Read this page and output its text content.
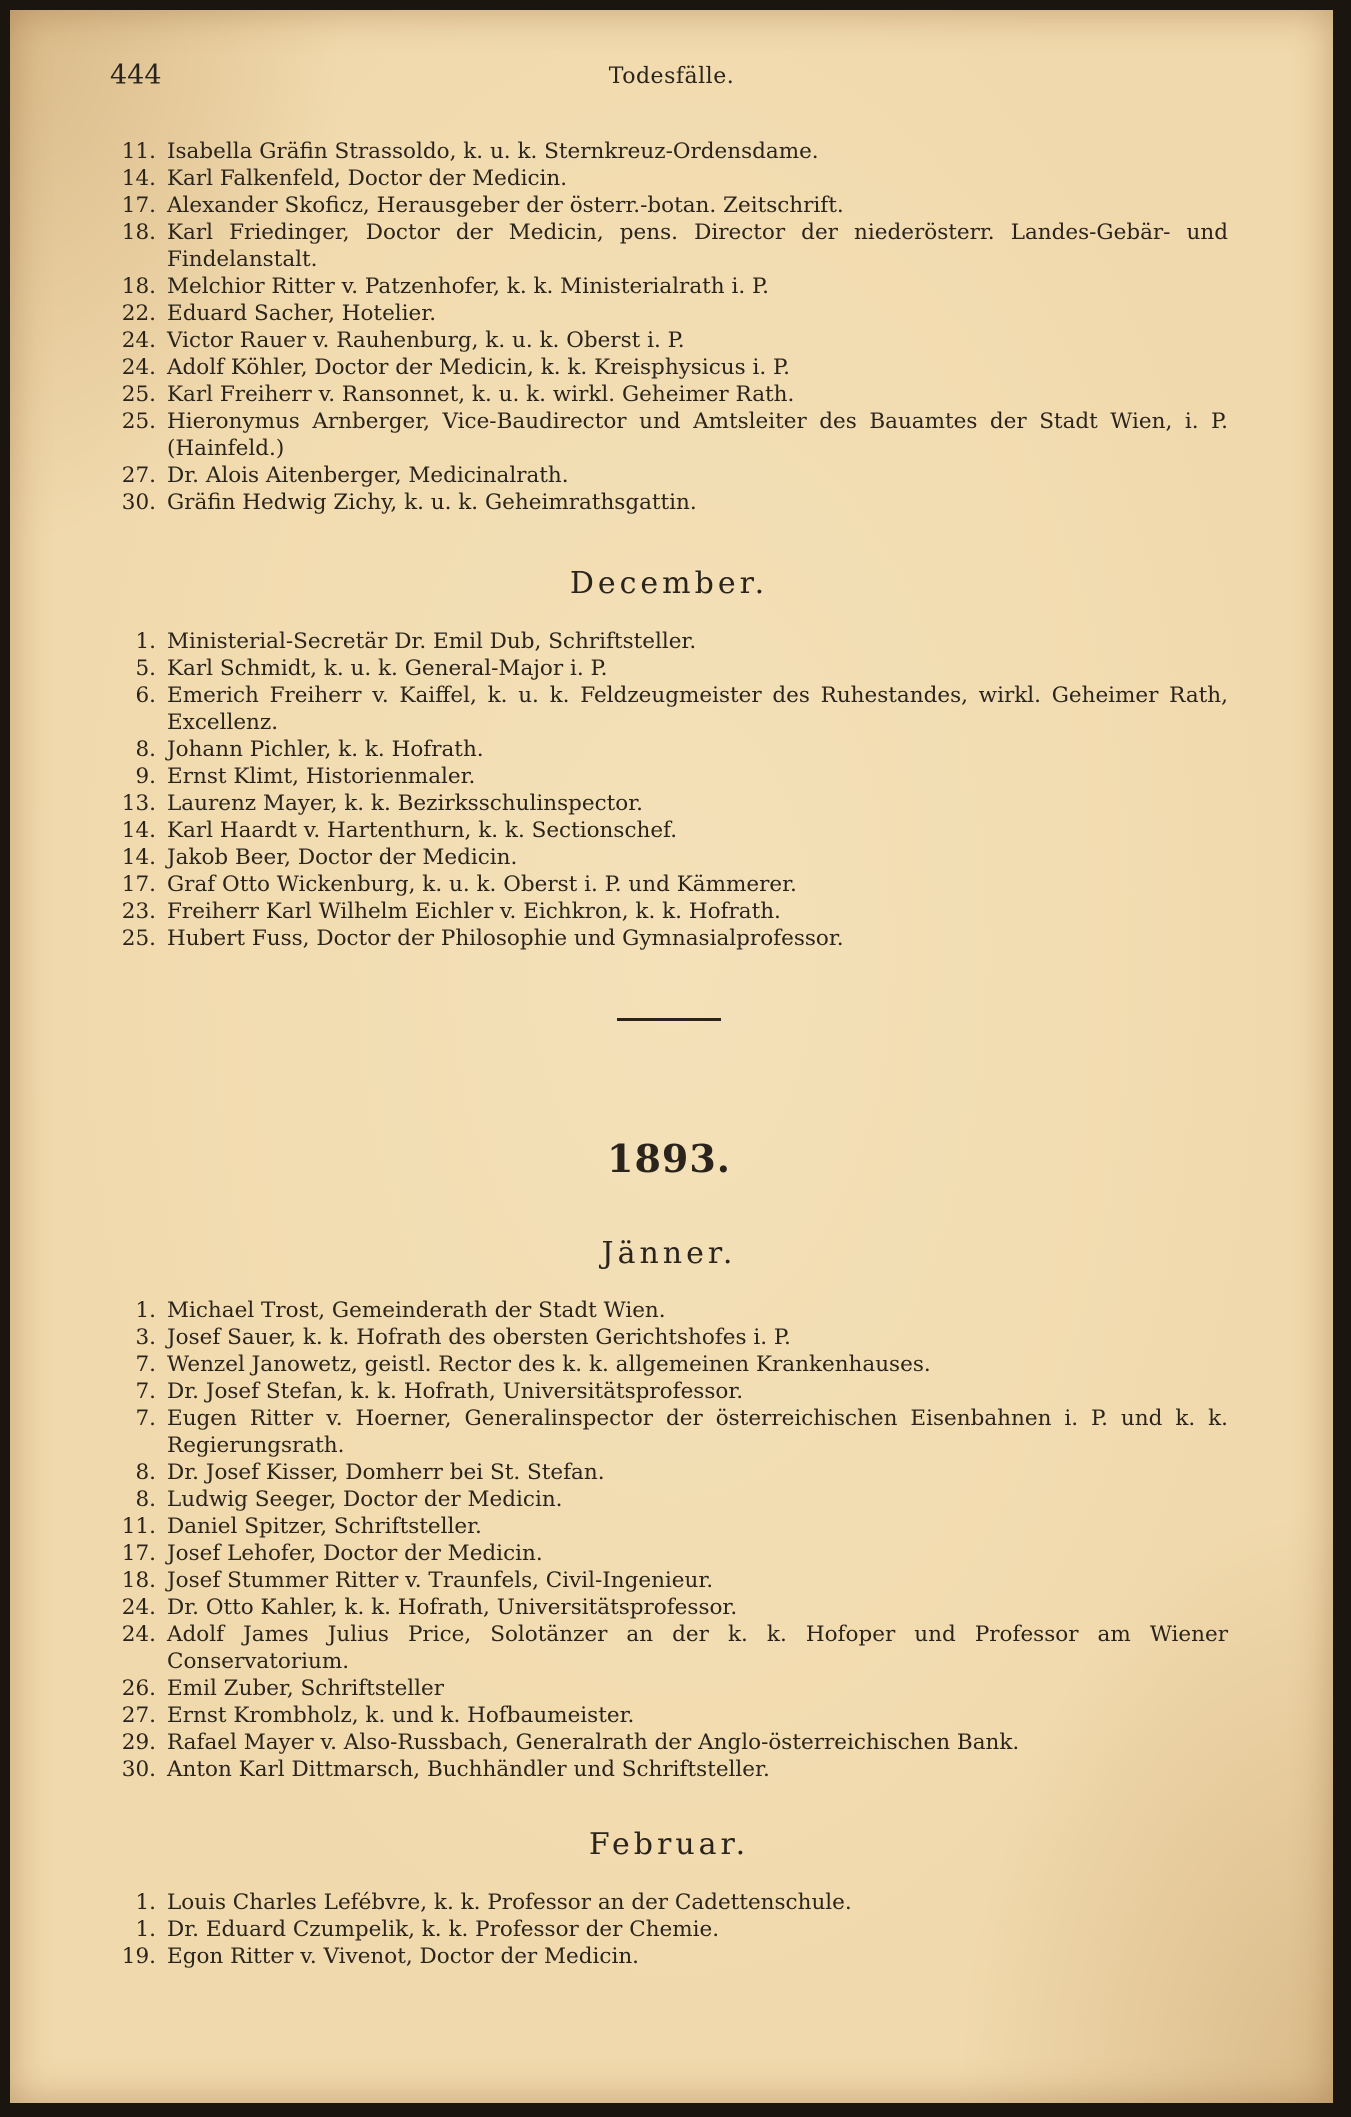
444	Todesfälle.
11. Isabella Gräfin Strassoldo, k. u. k. Sternkreuz-Ordensdame.
14. Karl Falkenfeld, Doctor der Medicin.
17. Alexander Skoficz, Herausgeber der österr.-botan. Zeitschrift.
18. Karl Friedinger, Doctor der Medicin, pens. Director der niederösterr. Landes-Gebär- und Findelanstalt.
18. Melchior Ritter v. Patzenhofer, k. k. Ministerialrath i. P.
22. Eduard Sacher, Hotelier.
24. Victor Rauer v. Rauhenburg, k. u. k. Oberst i. P.
24. Adolf Köhler, Doctor der Medicin, k. k. Kreisphysicus i. P.
25. Karl Freiherr v. Ransonnet, k. u. k. wirkl. Geheimer Rath.
25. Hieronymus Arnberger, Vice-Baudirector und Amtsleiter des Bauamtes der Stadt Wien, i. P. (Hainfeld.)
27. Dr. Alois Aitenberger, Medicinalrath.
30. Gräfin Hedwig Zichy, k. u. k. Geheimrathsgattin.
December.
1. Ministerial-Secretär Dr. Emil Dub, Schriftsteller.
5. Karl Schmidt, k. u. k. General-Major i. P.
6. Emerich Freiherr v. Kaiffel, k. u. k. Feldzeugmeister des Ruhestandes, wirkl. Geheimer Rath, Excellenz.
8. Johann Pichler, k. k. Hofrath.
9. Ernst Klimt, Historienmaler.
13. Laurenz Mayer, k. k. Bezirksschulinspector.
14. Karl Haardt v. Hartenthurn, k. k. Sectionschef.
14. Jakob Beer, Doctor der Medicin.
17. Graf Otto Wickenburg, k. u. k. Oberst i. P. und Kämmerer.
23. Freiherr Karl Wilhelm Eichler v. Eichkron, k. k. Hofrath.
25. Hubert Fuss, Doctor der Philosophie und Gymnasialprofessor.
1893.
Jänner.
1. Michael Trost, Gemeinderath der Stadt Wien.
3. Josef Sauer, k. k. Hofrath des obersten Gerichtshofes i. P.
7. Wenzel Janowetz, geistl. Rector des k. k. allgemeinen Krankenhauses.
7. Dr. Josef Stefan, k. k. Hofrath, Universitätsprofessor.
7. Eugen Ritter v. Hoerner, Generalinspector der österreichischen Eisenbahnen i. P. und k. k. Regierungsrath.
8. Dr. Josef Kisser, Domherr bei St. Stefan.
8. Ludwig Seeger, Doctor der Medicin.
11. Daniel Spitzer, Schriftsteller.
17. Josef Lehofer, Doctor der Medicin.
18. Josef Stummer Ritter v. Traunfels, Civil-Ingenieur.
24. Dr. Otto Kahler, k. k. Hofrath, Universitätsprofessor.
24. Adolf James Julius Price, Solotänzer an der k. k. Hofoper und Professor am Wiener Conservatorium.
26. Emil Zuber, Schriftsteller
27. Ernst Krombholz, k. und k. Hofbaumeister.
29. Rafael Mayer v. Also-Russbach, Generalrath der Anglo-österreichischen Bank.
30. Anton Karl Dittmarsch, Buchhändler und Schriftsteller.
Februar.
1. Louis Charles Lefébvre, k. k. Professor an der Cadettenschule.
1. Dr. Eduard Czumpelik, k. k. Professor der Chemie.
19. Egon Ritter v. Vivenot, Doctor der Medicin.
